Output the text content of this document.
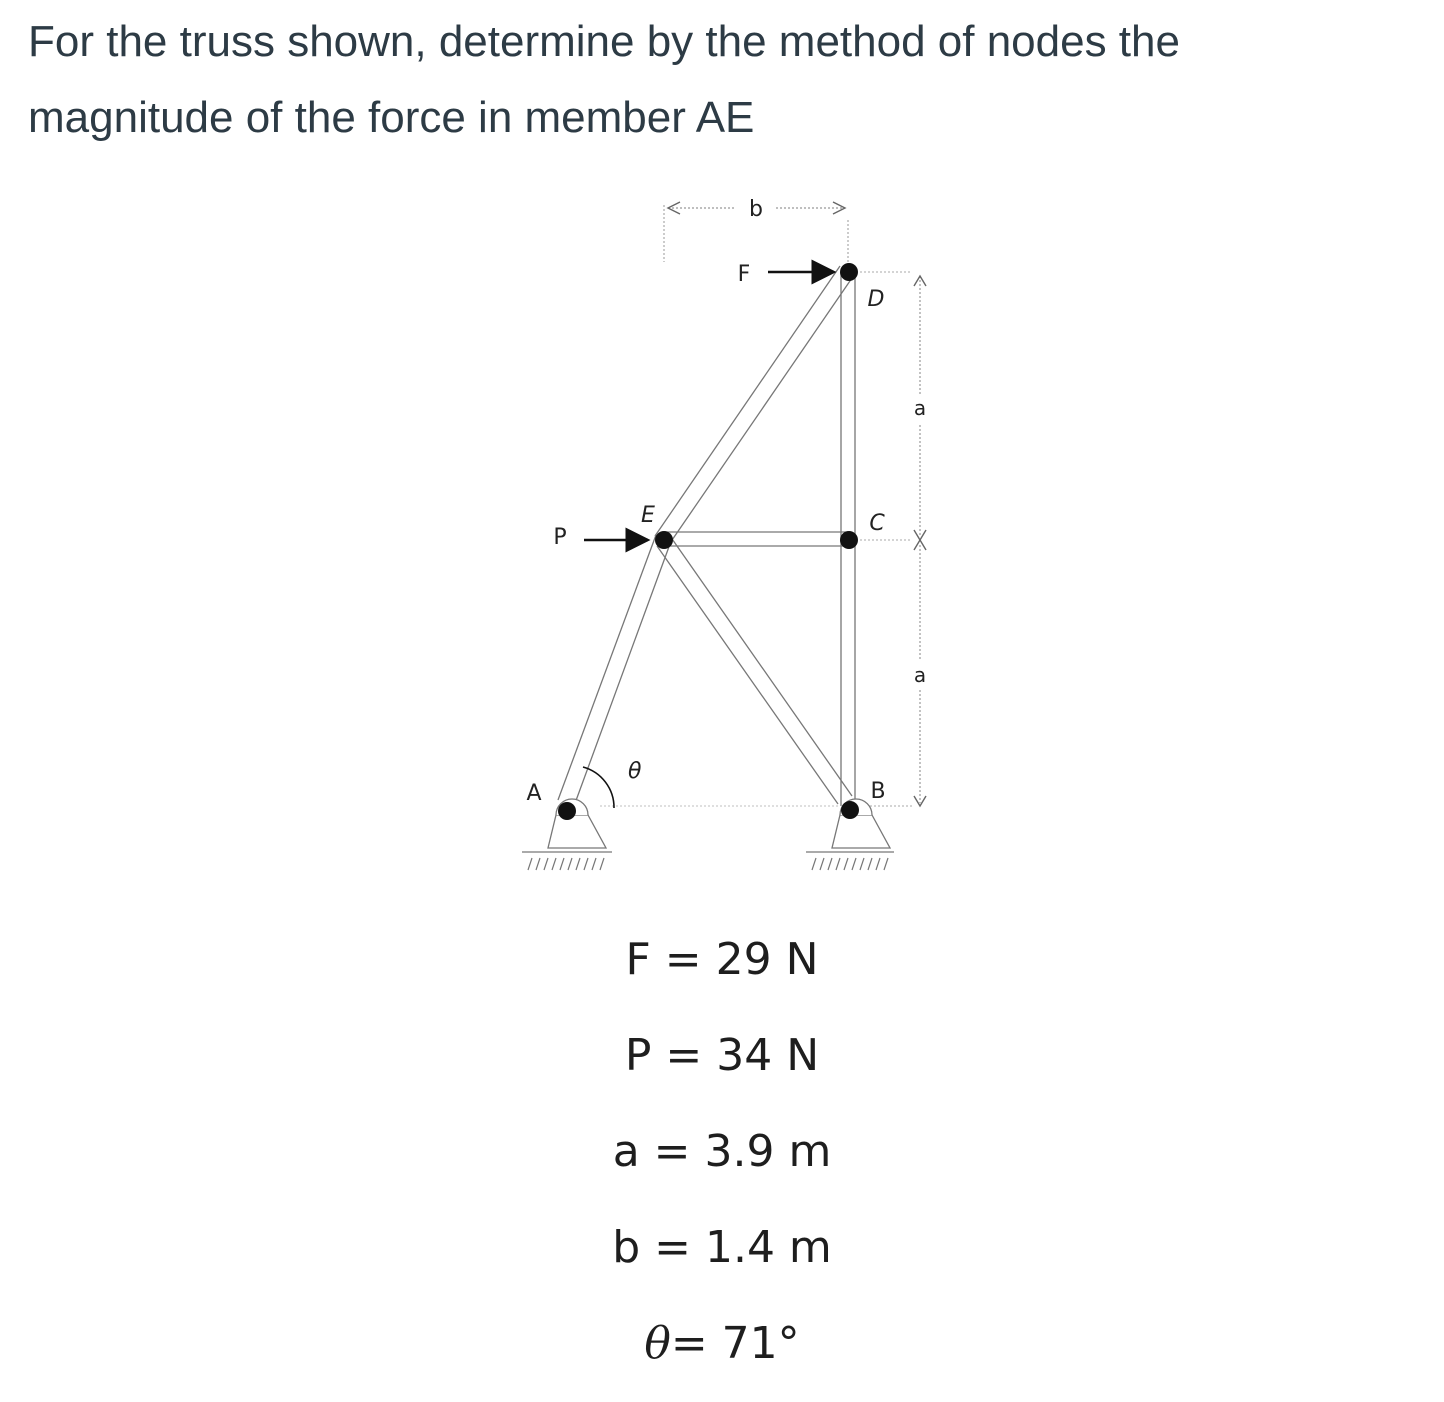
For the truss shown, determine by the method of nodes the
magnitude of the force in member AE
b
a
a
F
P
θ
A	B
C
D
E
F = 29 N
P = 34 N
a = 3.9 m
b = 1.4 m
θ= 71°
